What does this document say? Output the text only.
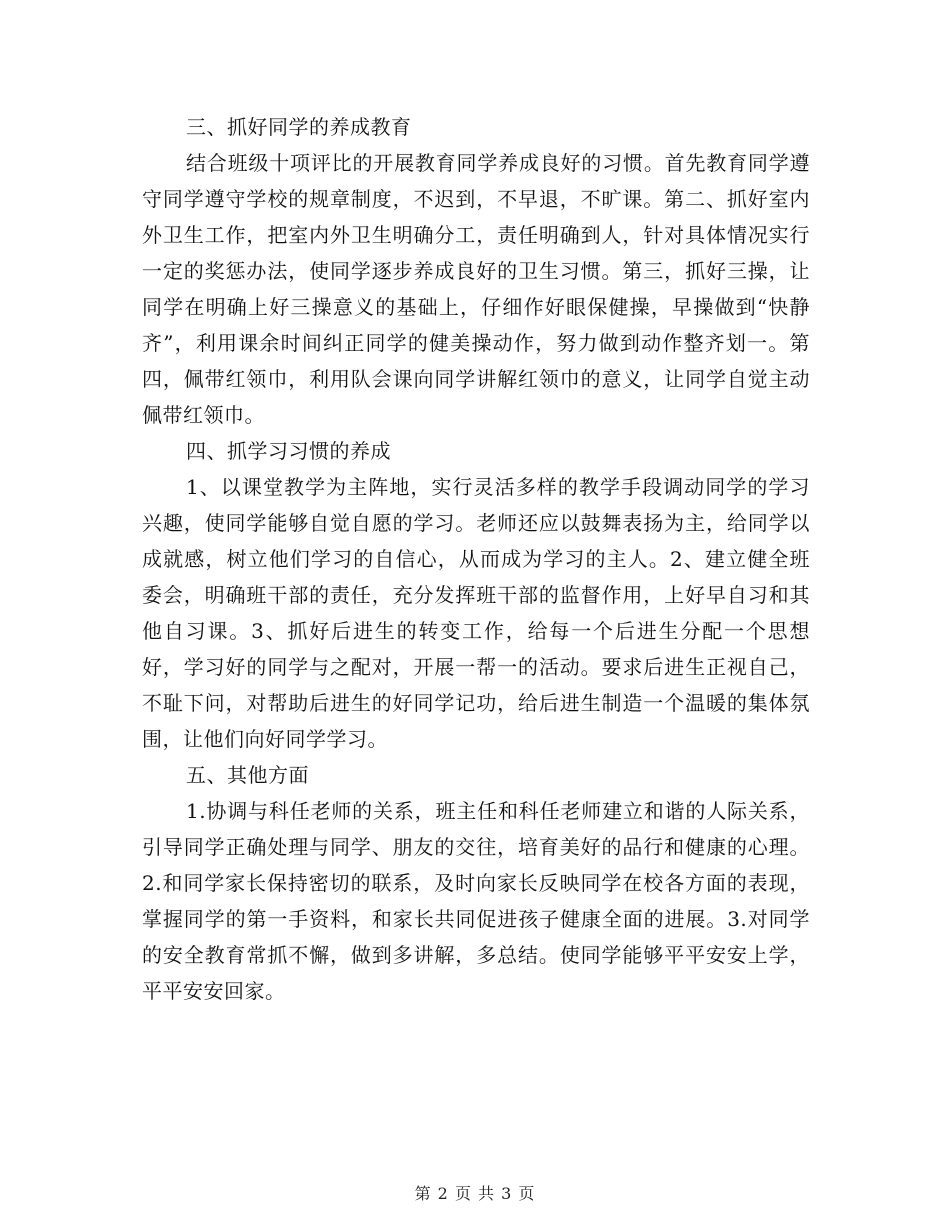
三、抓好同学的养成教育

结合班级十项评比的开展教育同学养成良好的习惯。首先教育同学遵守同学遵守学校的规章制度，不迟到，不早退，不旷课。第二、抓好室内外卫生工作，把室内外卫生明确分工，责任明确到人，针对具体情况实行一定的奖惩办法，使同学逐步养成良好的卫生习惯。第三，抓好三操，让同学在明确上好三操意义的基础上，仔细作好眼保健操，早操做到“快静齐”，利用课余时间纠正同学的健美操动作，努力做到动作整齐划一。第四，佩带红领巾，利用队会课向同学讲解红领巾的意义，让同学自觉主动佩带红领巾。

四、抓学习习惯的养成

1、以课堂教学为主阵地，实行灵活多样的教学手段调动同学的学习兴趣，使同学能够自觉自愿的学习。老师还应以鼓舞表扬为主，给同学以成就感，树立他们学习的自信心，从而成为学习的主人。2、建立健全班委会，明确班干部的责任，充分发挥班干部的监督作用，上好早自习和其他自习课。3、抓好后进生的转变工作，给每一个后进生分配一个思想好，学习好的同学与之配对，开展一帮一的活动。要求后进生正视自己，不耻下问，对帮助后进生的好同学记功，给后进生制造一个温暖的集体氛围，让他们向好同学学习。

五、其他方面

1.协调与科任老师的关系，班主任和科任老师建立和谐的人际关系，引导同学正确处理与同学、朋友的交往，培育美好的品行和健康的心理。2.和同学家长保持密切的联系，及时向家长反映同学在校各方面的表现，掌握同学的第一手资料，和家长共同促进孩子健康全面的进展。3.对同学的安全教育常抓不懈，做到多讲解，多总结。使同学能够平平安安上学，平平安安回家。

第 2 页 共 3 页
